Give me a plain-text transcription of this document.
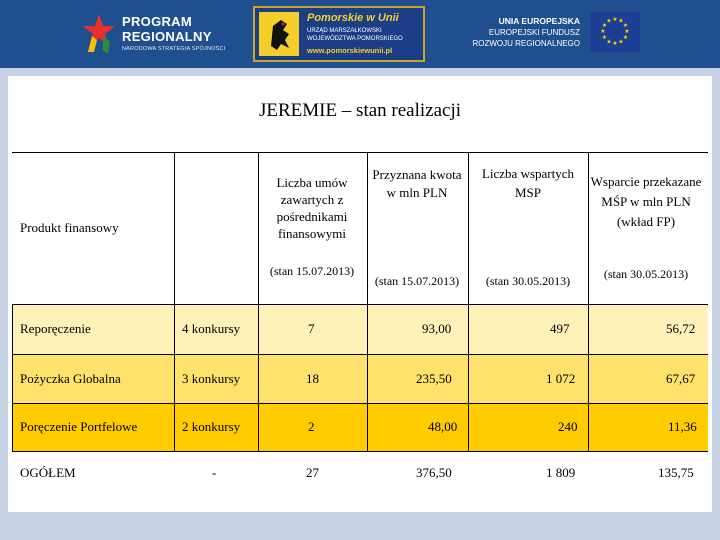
PROGRAM
REGIONALNY
NARODOWA STRATEGIA SPÓJNOŚCI
Pomorskie w Unii
URZĄD MARSZAŁKOWSKI
WOJEWÓDZTWA POMORSKIEGO
www.pomorskiewunii.pl
UNIA EUROPEJSKA
EUROPEJSKI FUNDUSZ
ROZWOJU REGIONALNEGO
★ ★
★
★
★
★
★
★
★
★
★
★
JEREMIE – stan realizacji
Produkt finansowy
Liczba umów zawartych z pośrednikami finansowymi
(stan 15.07.2013)
Przyznana kwota w mln PLN
(stan 15.07.2013)
Liczba wspartych MSP
(stan 30.05.2013)
Wsparcie przekazane MŚP w mln PLN (wkład FP)
(stan 30.05.2013)
Reporęczenie	4 konkursy	7	93,00	497	56,72
Pożyczka Globalna	3 konkursy	18	235,50	1 072	67,67
Poręczenie Portfelowe	2 konkursy	2	48,00	240	11,36
OGÓŁEM	-	27	376,50	1 809	135,75
